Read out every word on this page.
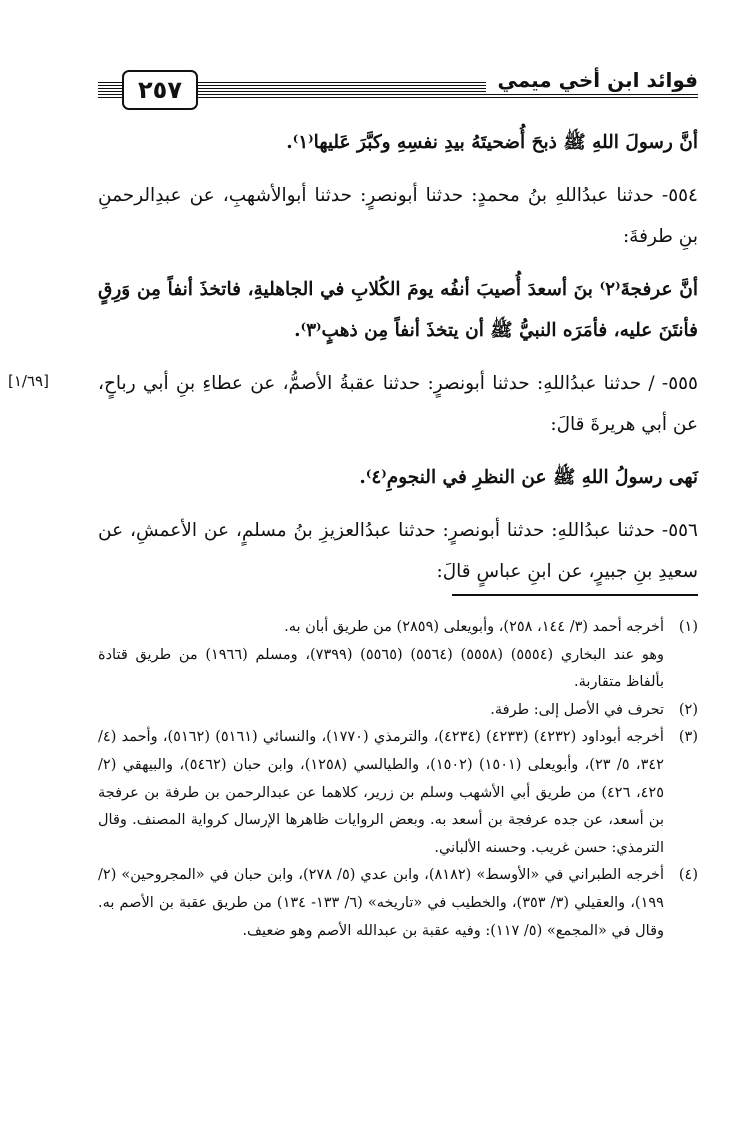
٢٥٧	فوائد ابن أخي ميمي

أنَّ رسولَ اللهِ ﷺ ذبحَ أُضحيتَهُ بيدِ نفسِهِ وكبَّرَ عَليها⁽١⁾.

٥٥٤- حدثنا عبدُاللهِ بنُ محمدٍ: حدثنا أبونصرٍ: حدثنا أبوالأشهبِ، عن عبدِالرحمنِ بنِ طرفةَ:

أنَّ عرفجةَ⁽٢⁾ بنَ أسعدَ أُصيبَ أنفُه يومَ الكُلابِ في الجاهليةِ، فاتخذَ أنفاً مِن وَرِقٍ فأنتَنَ عليه، فأمَرَه النبيُّ ﷺ أن يتخذَ أنفاً مِن ذهبٍ⁽٣⁾.

٥٥٥- / حدثنا عبدُاللهِ: حدثنا أبونصرٍ: حدثنا عقبةُ الأصمُّ، عن عطاءِ بنِ أبي رباحٍ، عن أبي هريرةَ قالَ:

نَهى رسولُ اللهِ ﷺ عن النظرِ في النجومِ⁽٤⁾.

٥٥٦- حدثنا عبدُاللهِ: حدثنا أبونصرٍ: حدثنا عبدُالعزيزِ بنُ مسلمٍ، عن الأعمشِ، عن سعيدِ بنِ جبيرٍ، عن ابنِ عباسٍ قالَ:

[١/٦٩]

(١)
أخرجه أحمد (٣/ ١٤٤، ٢٥٨)، وأبويعلى (٢٨٥٩) من طريق أبان به.

وهو عند البخاري (٥٥٥٤) (٥٥٥٨) (٥٥٦٤) (٥٥٦٥) (٧٣٩٩)، ومسلم (١٩٦٦) من طريق قتادة بألفاظ متقاربة.

(٢)
تحرف في الأصل إلى: طرفة.

(٣)
أخرجه أبوداود (٤٢٣٢) (٤٢٣٣) (٤٢٣٤)، والترمذي (١٧٧٠)، والنسائي (٥١٦١) (٥١٦٢)، وأحمد (٤/ ٣٤٢، ٥/ ٢٣)، وأبويعلى (١٥٠١) (١٥٠٢)، والطيالسي (١٢٥٨)، وابن حبان (٥٤٦٢)، والبيهقي (٢/ ٤٢٥، ٤٢٦) من طريق أبي الأشهب وسلم بن زرير، كلاهما عن عبدالرحمن بن طرفة بن عرفجة بن أسعد، عن جده عرفجة بن أسعد به. وبعض الروايات ظاهرها الإرسال كرواية المصنف. وقال الترمذي: حسن غريب. وحسنه الألباني.

(٤)
أخرجه الطبراني في «الأوسط» (٨١٨٢)، وابن عدي (٥/ ٢٧٨)، وابن حبان في «المجروحين» (٢/ ١٩٩)، والعقيلي (٣/ ٣٥٣)، والخطيب في «تاريخه» (٦/ ١٣٣- ١٣٤) من طريق عقبة بن الأصم به. وقال في «المجمع» (٥/ ١١٧): وفيه عقبة بن عبدالله الأصم وهو ضعيف.
